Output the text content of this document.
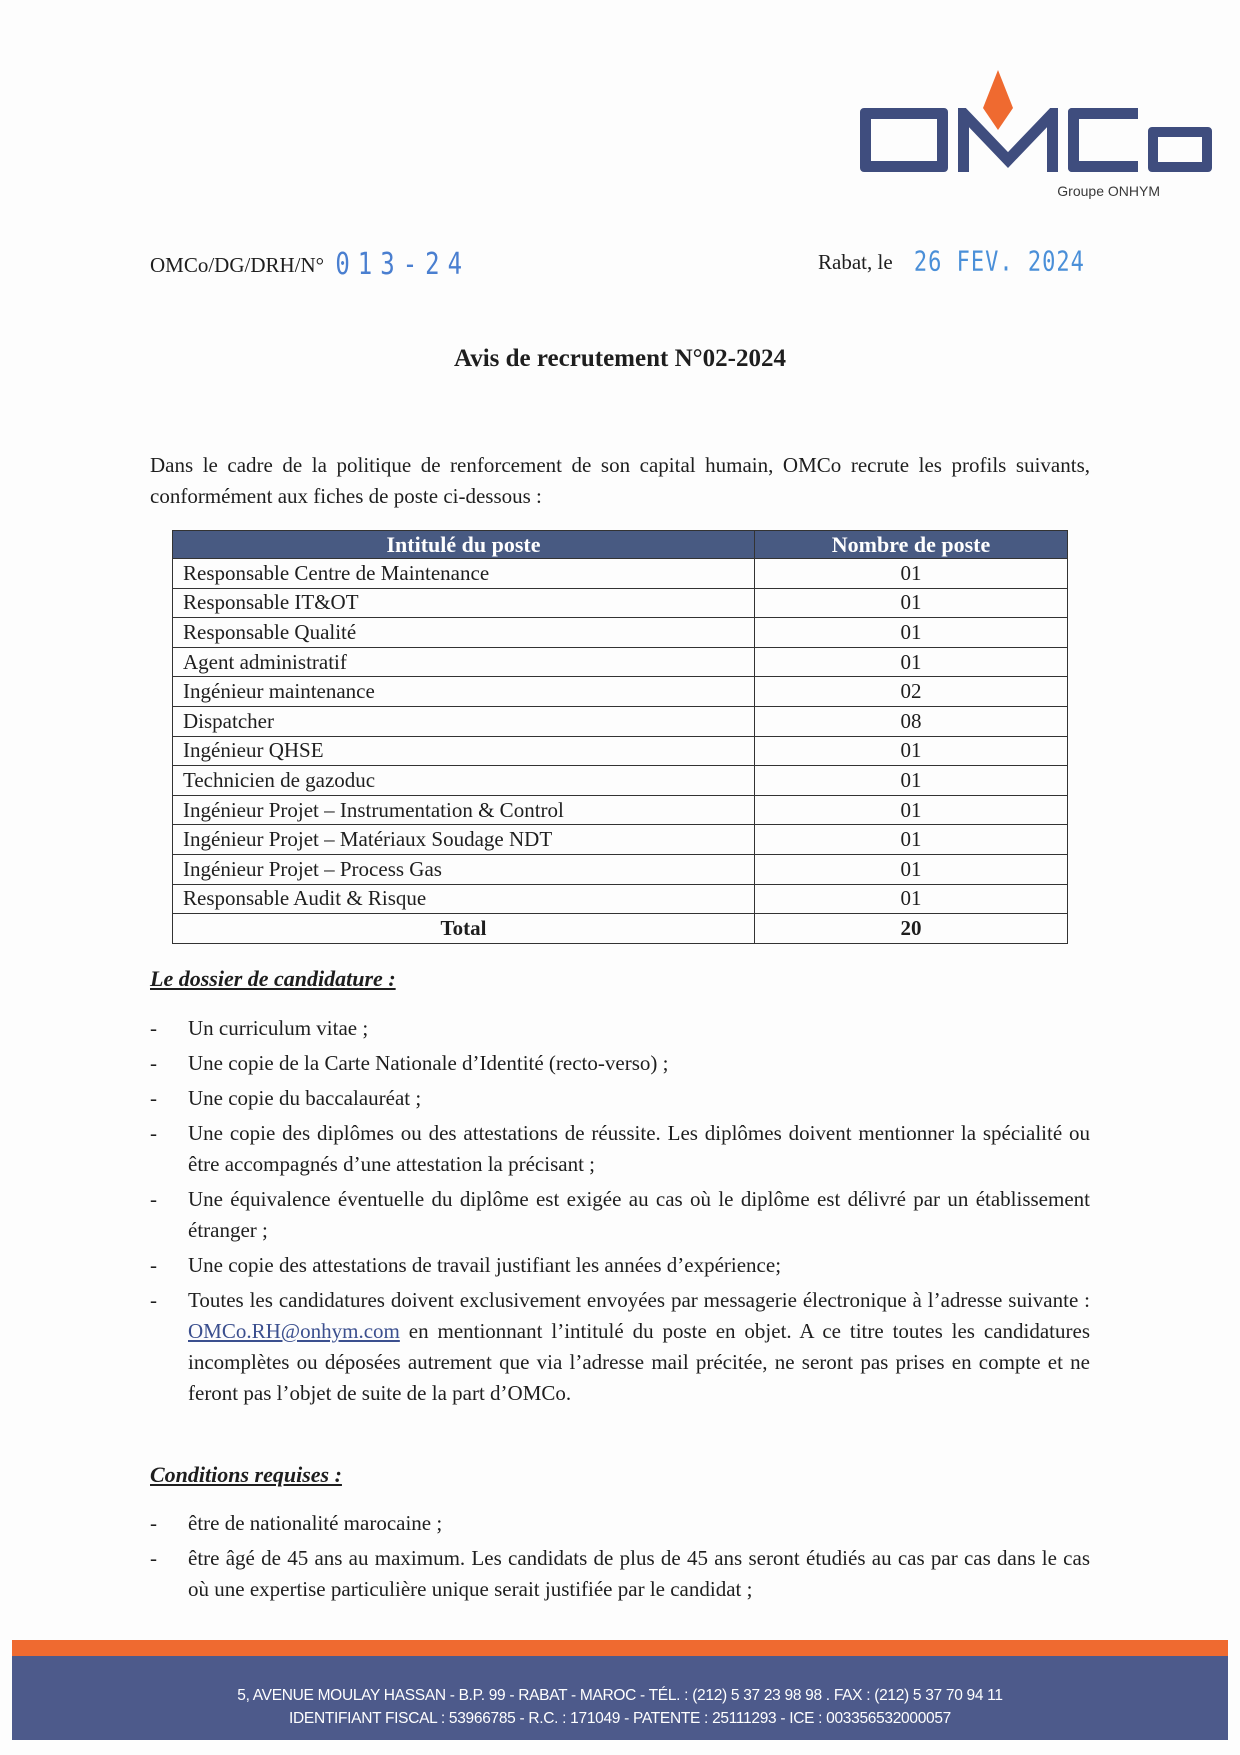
Groupe ONHYM
OMCo/DG/DRH/N° 013-24	Rabat, le 26 FEV. 2024
Avis de recrutement N°02-2024
Dans le cadre de la politique de renforcement de son capital humain, OMCo recrute les profils suivants, conformément aux fiches de poste ci-dessous :
Intitulé du poste	Nombre de poste
Responsable Centre de Maintenance	01
Responsable IT&OT	01
Responsable Qualité	01
Agent administratif	01
Ingénieur maintenance	02
Dispatcher	08
Ingénieur QHSE	01
Technicien de gazoduc	01
Ingénieur Projet – Instrumentation & Control	01
Ingénieur Projet – Matériaux Soudage NDT	01
Ingénieur Projet – Process Gas	01
Responsable Audit & Risque	01
Total	20
Le dossier de candidature :
- Un curriculum vitae ;
- Une copie de la Carte Nationale d’Identité (recto-verso) ;
- Une copie du baccalauréat ;
- Une copie des diplômes ou des attestations de réussite. Les diplômes doivent mentionner la spécialité ou être accompagnés d’une attestation la précisant ;
- Une équivalence éventuelle du diplôme est exigée au cas où le diplôme est délivré par un établissement étranger ;
- Une copie des attestations de travail justifiant les années d’expérience;
- Toutes les candidatures doivent exclusivement envoyées par messagerie électronique à l’adresse suivante : OMCo.RH@onhym.com en mentionnant l’intitulé du poste en objet. A ce titre toutes les candidatures incomplètes ou déposées autrement que via l’adresse mail précitée, ne seront pas prises en compte et ne feront pas l’objet de suite de la part d’OMCo.
Conditions requises :
- être de nationalité marocaine ;
- être âgé de 45 ans au maximum. Les candidats de plus de 45 ans seront étudiés au cas par cas dans le cas où une expertise particulière unique serait justifiée par le candidat ;
5, AVENUE MOULAY HASSAN - B.P. 99 - RABAT - MAROC - TÉL. : (212) 5 37 23 98 98 . FAX : (212) 5 37 70 94 11
IDENTIFIANT FISCAL : 53966785 - R.C. : 171049 - PATENTE : 25111293 - ICE : 003356532000057
